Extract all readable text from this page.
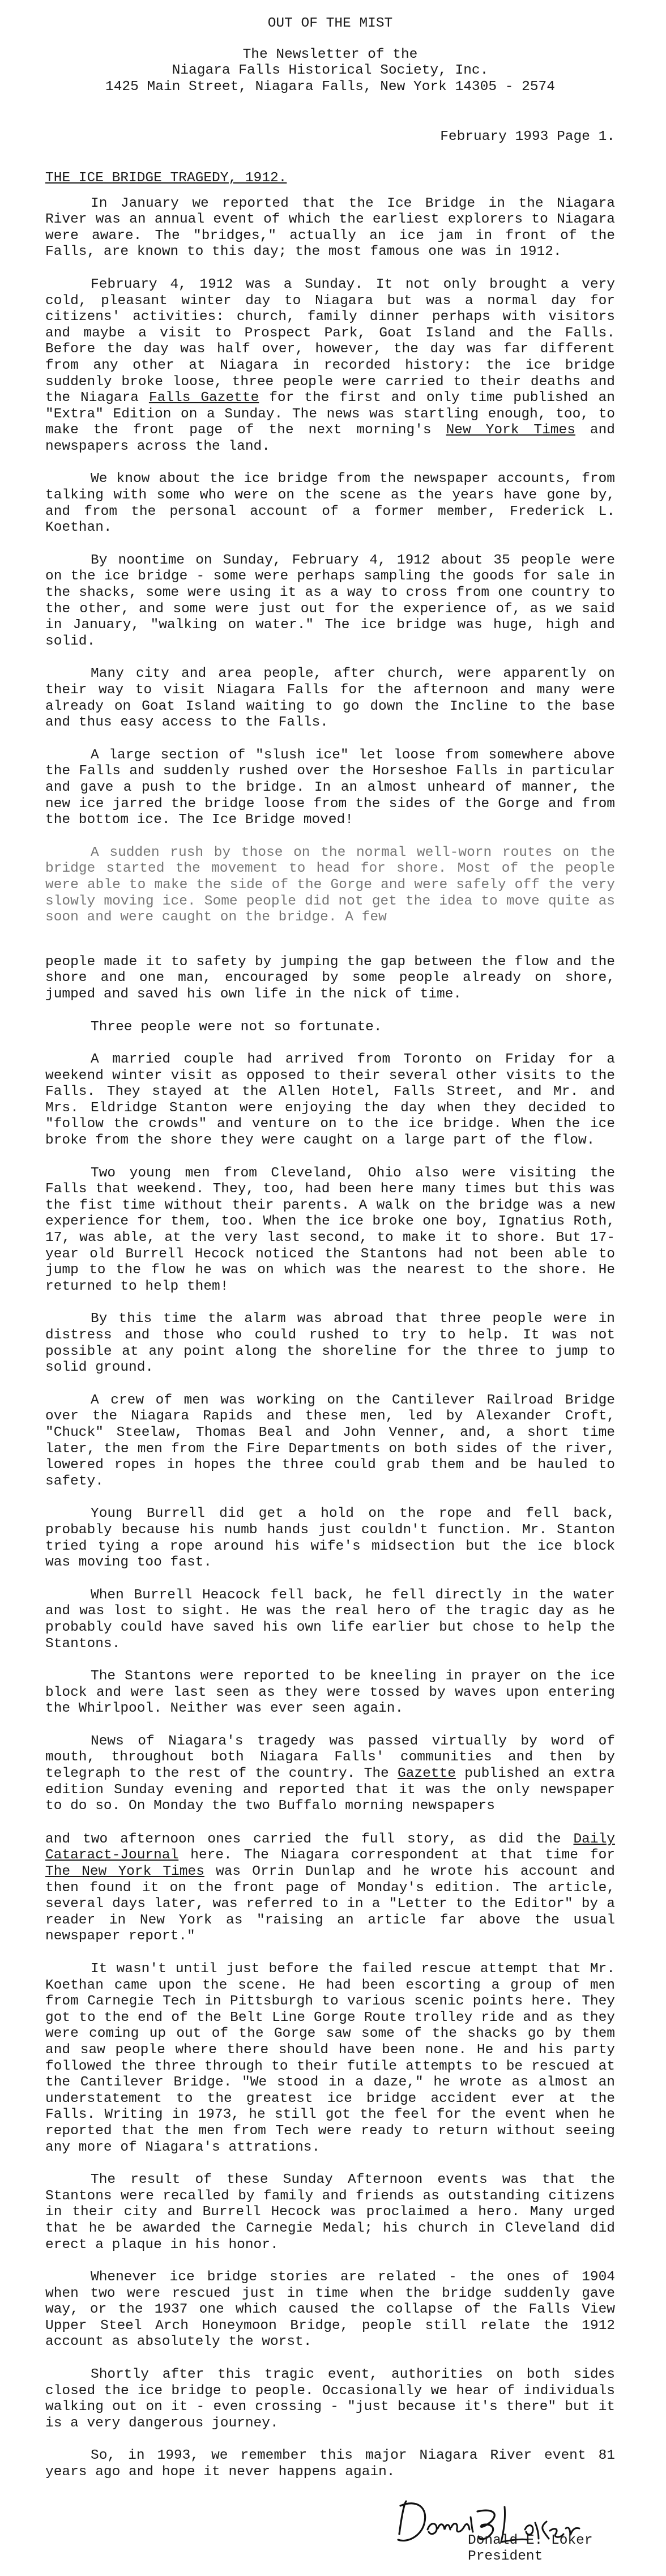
OUT OF THE MIST
The Newsletter of the
Niagara Falls Historical Society, Inc.
1425 Main Street, Niagara Falls, New York 14305 - 2574
February 1993 Page 1.
THE ICE BRIDGE TRAGEDY, 1912.

In January we reported that the Ice Bridge in the Niagara River was an annual event of which the earliest explorers to Niagara were aware. The "bridges," actually an ice jam in front of the Falls, are known to this day; the most famous one was in 1912.

February 4, 1912 was a Sunday. It not only brought a very cold, pleasant winter day to Niagara but was a normal day for citizens' activities: church, family dinner perhaps with visitors and maybe a visit to Prospect Park, Goat Island and the Falls. Before the day was half over, however, the day was far different from any other at Niagara in recorded history: the ice bridge suddenly broke loose, three people were carried to their deaths and the Niagara Falls Gazette for the first and only time published an "Extra" Edition on a Sunday. The news was startling enough, too, to make the front page of the next morning's New York Times and newspapers across the land.

We know about the ice bridge from the newspaper accounts, from talking with some who were on the scene as the years have gone by, and from the personal account of a former member, Frederick L. Koethan.

By noontime on Sunday, February 4, 1912 about 35 people were on the ice bridge - some were perhaps sampling the goods for sale in the shacks, some were using it as a way to cross from one country to the other, and some were just out for the experience of, as we said in January, "walking on water." The ice bridge was huge, high and solid.

Many city and area people, after church, were apparently on their way to visit Niagara Falls for the afternoon and many were already on Goat Island waiting to go down the Incline to the base and thus easy access to the Falls.

A large section of "slush ice" let loose from somewhere above the Falls and suddenly rushed over the Horseshoe Falls in particular and gave a push to the bridge. In an almost unheard of manner, the new ice jarred the bridge loose from the sides of the Gorge and from the bottom ice. The Ice Bridge moved!

A sudden rush by those on the normal well-worn routes on the bridge started the movement to head for shore. Most of the people were able to make the side of the Gorge and were safely off the very slowly moving ice. Some people did not get the idea to move quite as soon and were caught on the bridge. A few

people made it to safety by jumping the gap between the flow and the shore and one man, encouraged by some people already on shore, jumped and saved his own life in the nick of time.

Three people were not so fortunate.

A married couple had arrived from Toronto on Friday for a weekend winter visit as opposed to their several other visits to the Falls. They stayed at the Allen Hotel, Falls Street, and Mr. and Mrs. Eldridge Stanton were enjoying the day when they decided to "follow the crowds" and venture on to the ice bridge. When the ice broke from the shore they were caught on a large part of the flow.

Two young men from Cleveland, Ohio also were visiting the Falls that weekend. They, too, had been here many times but this was the fist time without their parents. A walk on the bridge was a new experience for them, too. When the ice broke one boy, Ignatius Roth, 17, was able, at the very last second, to make it to shore. But 17-year old Burrell Hecock noticed the Stantons had not been able to jump to the flow he was on which was the nearest to the shore. He returned to help them!

By this time the alarm was abroad that three people were in distress and those who could rushed to try to help. It was not possible at any point along the shoreline for the three to jump to solid ground.

A crew of men was working on the Cantilever Railroad Bridge over the Niagara Rapids and these men, led by Alexander Croft, "Chuck" Steelaw, Thomas Beal and John Venner, and, a short time later, the men from the Fire Departments on both sides of the river, lowered ropes in hopes the three could grab them and be hauled to safety.

Young Burrell did get a hold on the rope and fell back, probably because his numb hands just couldn't function. Mr. Stanton tried tying a rope around his wife's midsection but the ice block was moving too fast.

When Burrell Heacock fell back, he fell directly in the water and was lost to sight. He was the real hero of the tragic day as he probably could have saved his own life earlier but chose to help the Stantons.

The Stantons were reported to be kneeling in prayer on the ice block and were last seen as they were tossed by waves upon entering the Whirlpool. Neither was ever seen again.

News of Niagara's tragedy was passed virtually by word of mouth, throughout both Niagara Falls' communities and then by telegraph to the rest of the country. The Gazette published an extra edition Sunday evening and reported that it was the only newspaper to do so. On Monday the two Buffalo morning newspapers

and two afternoon ones carried the full story, as did the Daily Cataract-Journal here. The Niagara correspondent at that time for The New York Times was Orrin Dunlap and he wrote his account and then found it on the front page of Monday's edition. The article, several days later, was referred to in a "Letter to the Editor" by a reader in New York as "raising an article far above the usual newspaper report."

It wasn't until just before the failed rescue attempt that Mr. Koethan came upon the scene. He had been escorting a group of men from Carnegie Tech in Pittsburgh to various scenic points here. They got to the end of the Belt Line Gorge Route trolley ride and as they were coming up out of the Gorge saw some of the shacks go by them and saw people where there should have been none. He and his party followed the three through to their futile attempts to be rescued at the Cantilever Bridge. "We stood in a daze," he wrote as almost an understatement to the greatest ice bridge accident ever at the Falls. Writing in 1973, he still got the feel for the event when he reported that the men from Tech were ready to return without seeing any more of Niagara's attrations.

The result of these Sunday Afternoon events was that the Stantons were recalled by family and friends as outstanding citizens in their city and Burrell Hecock was proclaimed a hero. Many urged that he be awarded the Carnegie Medal; his church in Cleveland did erect a plaque in his honor.

Whenever ice bridge stories are related - the ones of 1904 when two were rescued just in time when the bridge suddenly gave way, or the 1937 one which caused the collapse of the Falls View Upper Steel Arch Honeymoon Bridge, people still relate the 1912 account as absolutely the worst.

Shortly after this tragic event, authorities on both sides closed the ice bridge to people. Occasionally we hear of individuals walking out on it - even crossing - "just because it's there" but it is a very dangerous journey.

So, in 1993, we remember this major Niagara River event 81 years ago and hope it never happens again.

Donald E. Loker
President
